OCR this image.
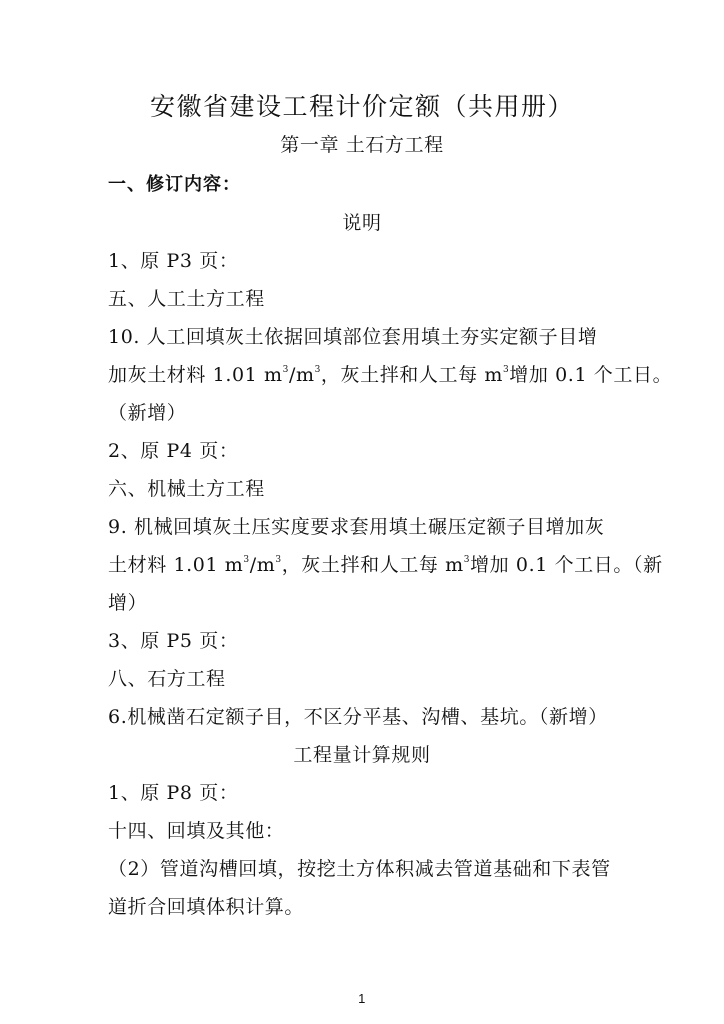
安徽省建设工程计价定额（共用册）
第一章 土石方工程
一、修订内容：
说明
1、原 P3 页：
五、人工土方工程
10. 人工回填灰土依据回填部位套用填土夯实定额子目增
加灰土材料 1.01 $m^3/m^3$，灰土拌和人工每 $m^3$增加 0.1 个工日。
（新增）
2、原 P4 页：
六、机械土方工程
9. 机械回填灰土压实度要求套用填土碾压定额子目增加灰
土材料 1.01 $m^3/m^3$，灰土拌和人工每 $m^3$增加 0.1 个工日。（新
增）
3、原 P5 页：
八、石方工程
6.机械凿石定额子目，不区分平基、沟槽、基坑。（新增）
工程量计算规则
1、原 P8 页：
十四、回填及其他：
（2）管道沟槽回填，按挖土方体积减去管道基础和下表管
道折合回填体积计算。
1
